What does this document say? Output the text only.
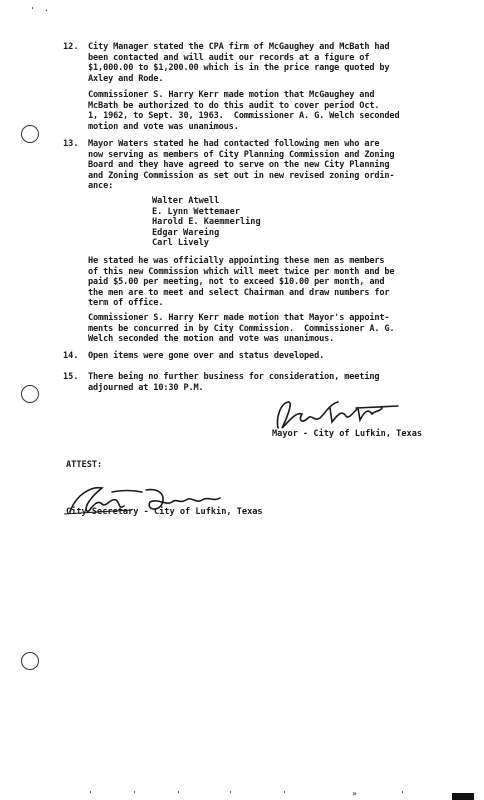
' ·
12. City Manager stated the CPA firm of McGaughey and McBath had
been contacted and will audit our records at a figure of
$1,000.00 to $1,200.00 which is in the price range quoted by
Axley and Rode.
Commissioner S. Harry Kerr made motion that McGaughey and
McBath be authorized to do this audit to cover period Oct.
1, 1962, to Sept. 30, 1963.  Commissioner A. G. Welch seconded
motion and vote was unanimous.
13. Mayor Waters stated he had contacted following men who are
now serving as members of City Planning Commission and Zoning
Board and they have agreed to serve on the new City Planning
and Zoning Commission as set out in new revised zoning ordin-
ance:
Walter Atwell
E. Lynn Wettemaer
Harold E. Kaemmerling
Edgar Wareing
Carl Lively
He stated he was officially appointing these men as members
of this new Commission which will meet twice per month and be
paid $5.00 per meeting, not to exceed $10.00 per month, and
the men are to meet and select Chairman and draw numbers for
term of office.
Commissioner S. Harry Kerr made motion that Mayor's appoint-
ments be concurred in by City Commission.  Commissioner A. G.
Welch seconded the motion and vote was unanimous.
14. Open items were gone over and status developed.
15. There being no further business for consideration, meeting
adjourned at 10:30 P.M.
Mayor - City of Lufkin, Texas
ATTEST:
City Secretary - City of Lufkin, Texas
'	'	'	'	'	»	'
